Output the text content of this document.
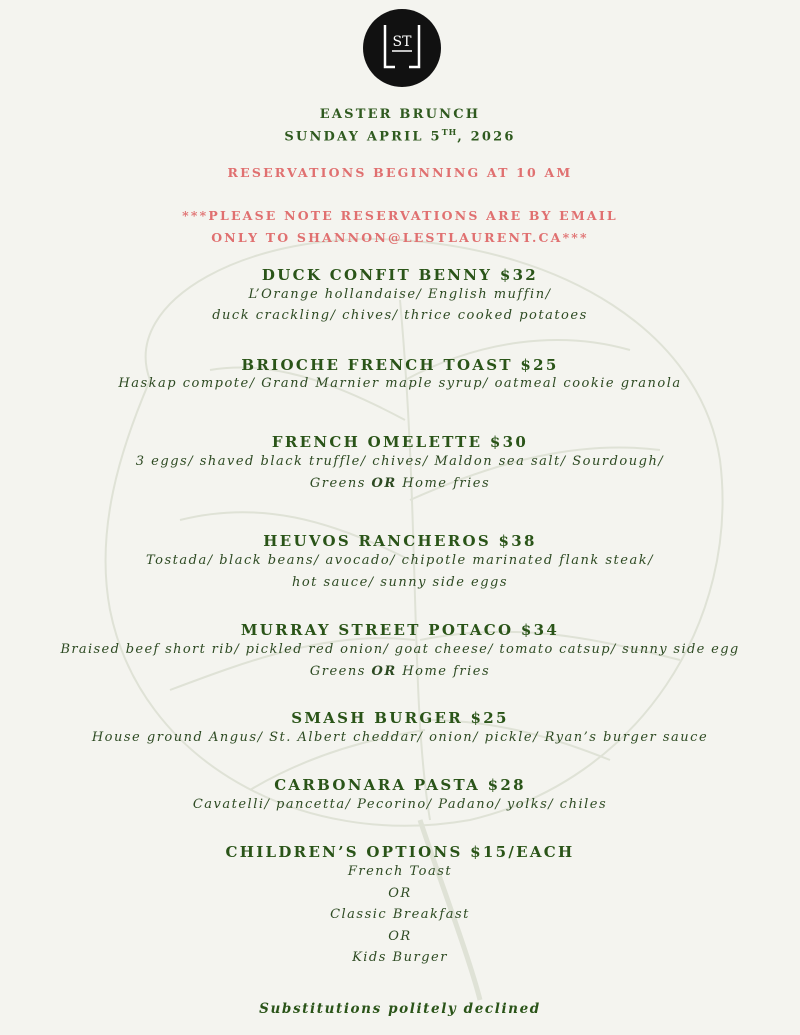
ST

EASTER BRUNCH

SUNDAY APRIL 5TH, 2026

RESERVATIONS BEGINNING AT 10 AM

***PLEASE NOTE RESERVATIONS ARE BY EMAIL

ONLY TO SHANNON@LESTLAURENT.CA***

DUCK CONFIT BENNY $32

L’Orange hollandaise/ English muffin/

duck crackling/ chives/ thrice cooked potatoes

BRIOCHE FRENCH TOAST $25

Haskap compote/ Grand Marnier maple syrup/ oatmeal cookie granola

FRENCH OMELETTE $30

3 eggs/ shaved black truffle/ chives/ Maldon sea salt/ Sourdough/

Greens OR Home fries

HEUVOS RANCHEROS $38

Tostada/ black beans/ avocado/ chipotle marinated flank steak/

hot sauce/ sunny side eggs

MURRAY STREET POTACO $34

Braised beef short rib/ pickled red onion/ goat cheese/ tomato catsup/ sunny side egg

Greens OR Home fries

SMASH BURGER $25

House ground Angus/ St. Albert cheddar/ onion/ pickle/ Ryan’s burger sauce

CARBONARA PASTA $28

Cavatelli/ pancetta/ Pecorino/ Padano/ yolks/ chiles

CHILDREN’S OPTIONS $15/EACH

French Toast

OR

Classic Breakfast

OR

Kids Burger

Substitutions politely declined
